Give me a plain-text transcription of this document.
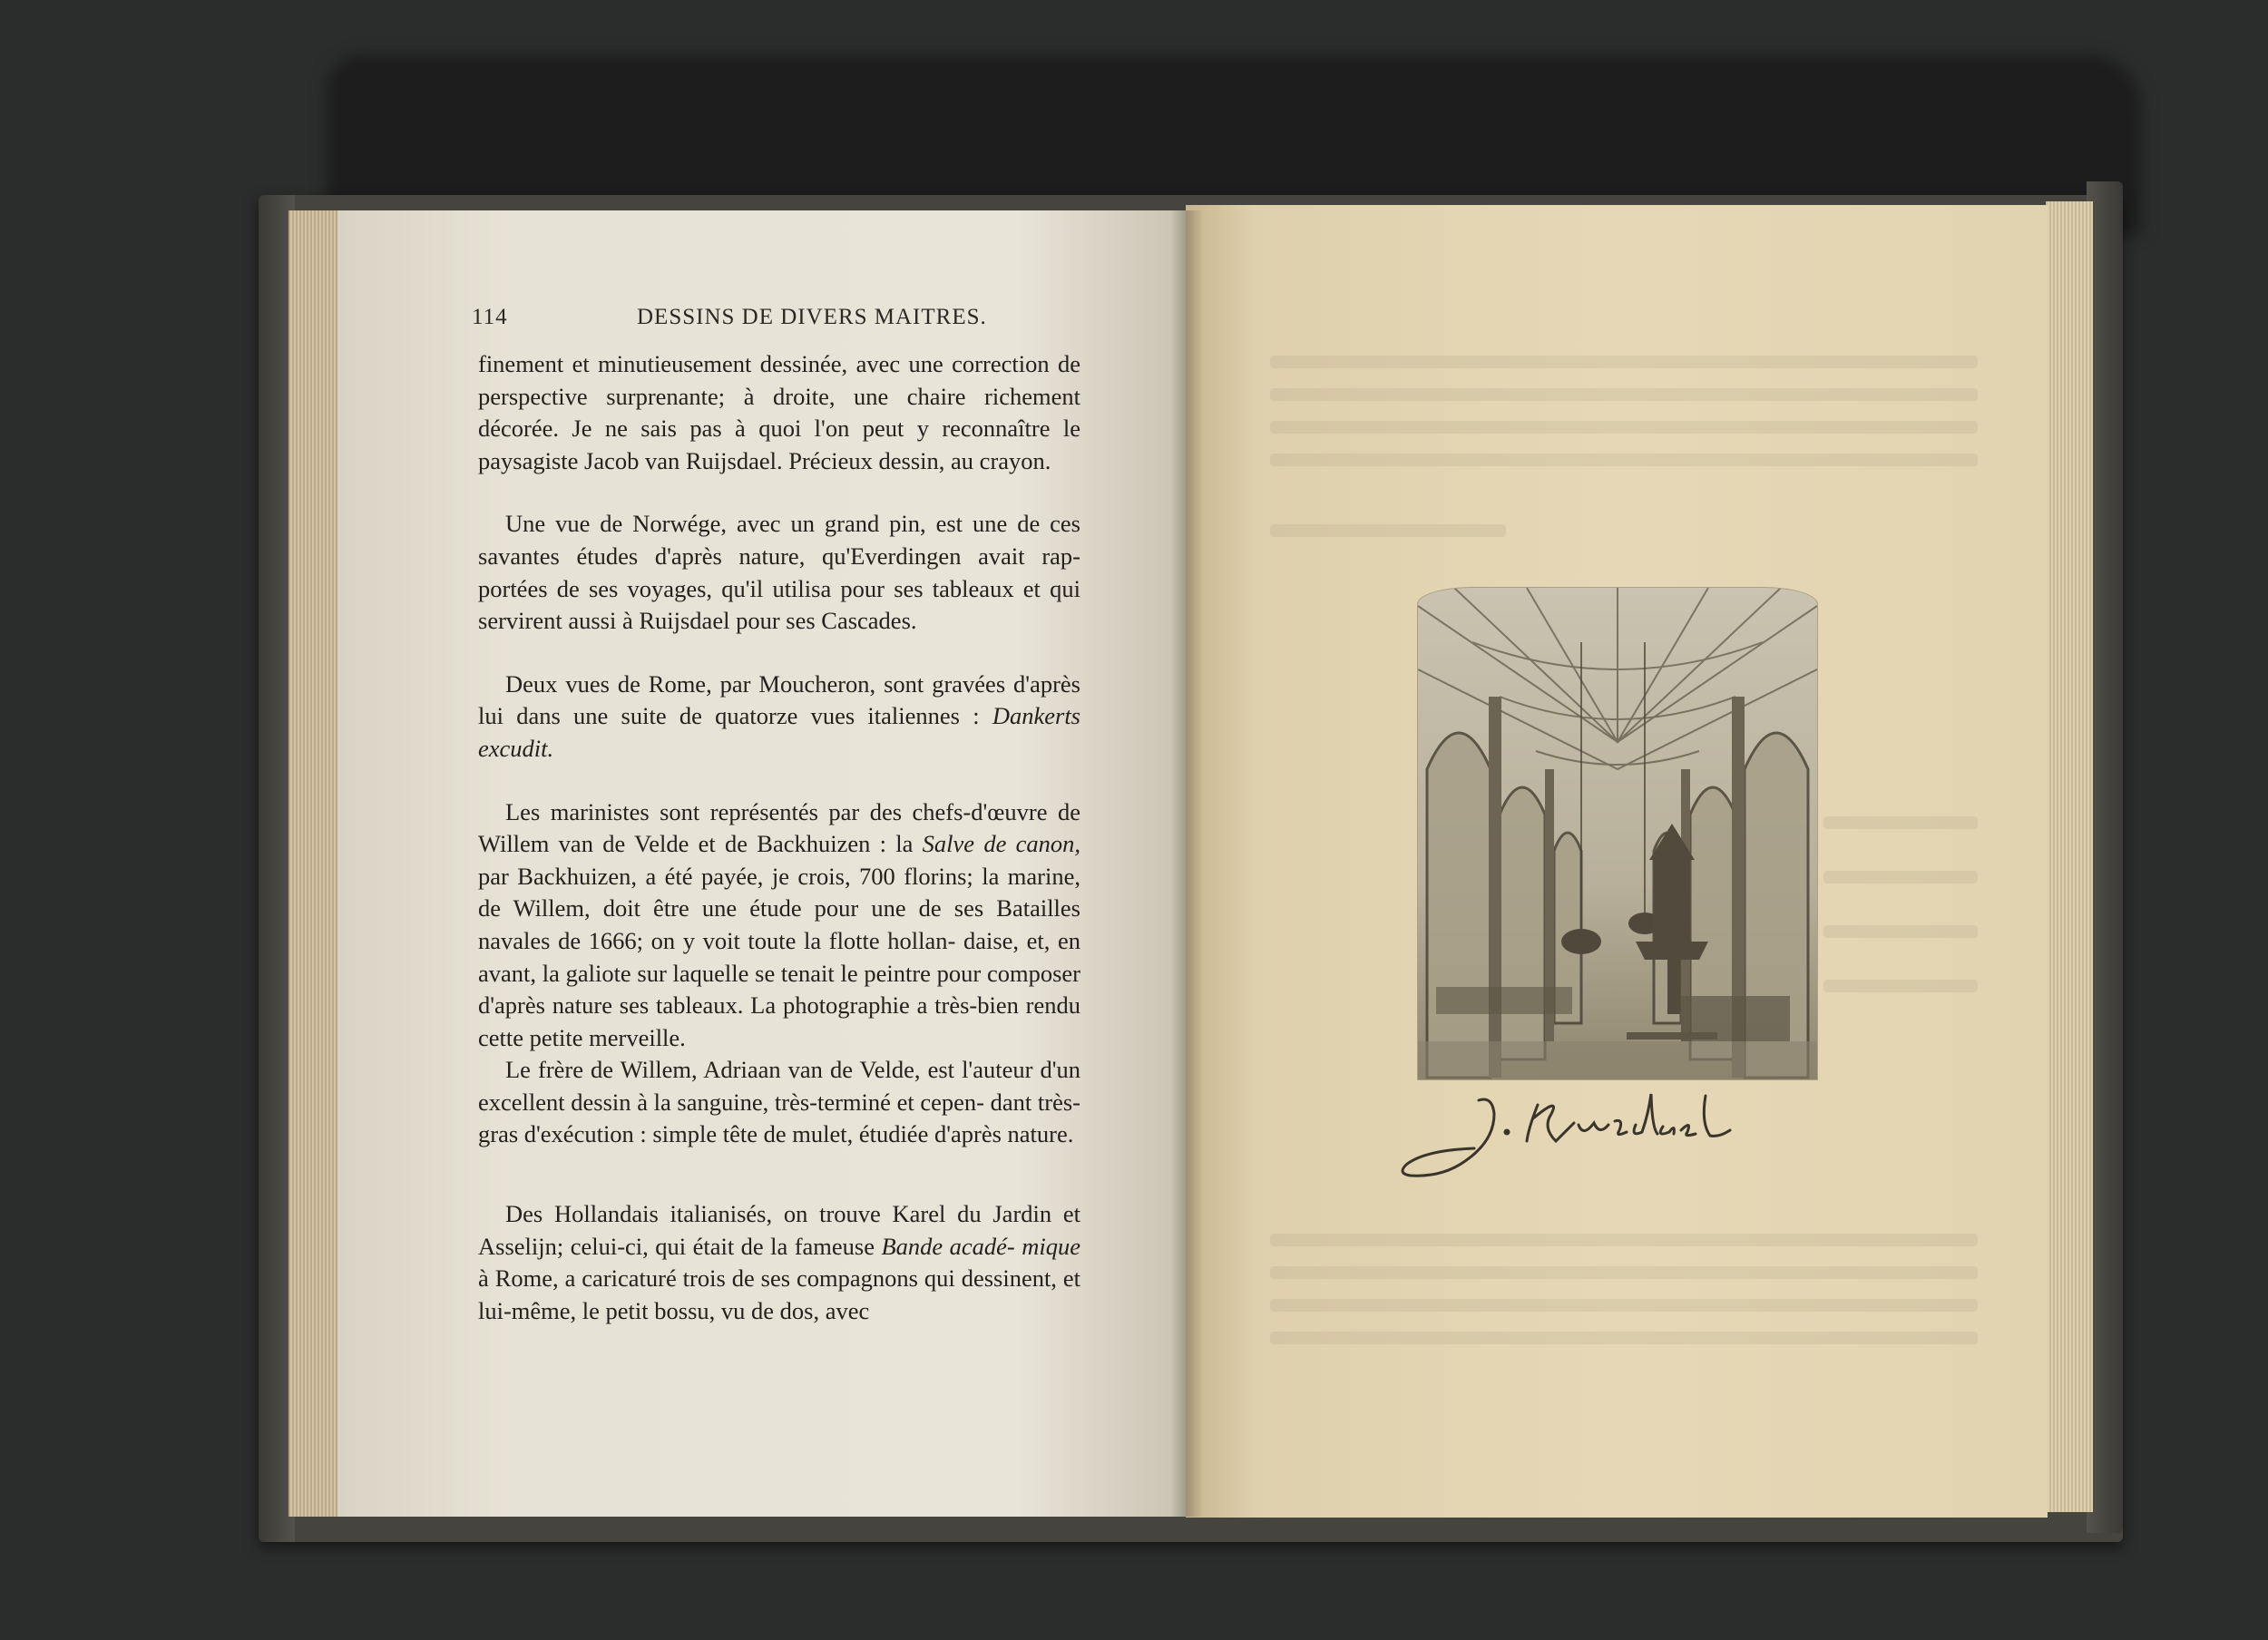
114	DESSINS DE DIVERS MAITRES.

finement et minutieusement dessinée, avec une correction de perspective surprenante; à droite, une chaire richement décorée. Je ne sais pas à quoi l'on peut y reconnaître le paysagiste Jacob van Ruijsdael. Précieux dessin, au crayon.

Une vue de Norwége, avec un grand pin, est une de ces savantes études d'après nature, qu'Everdingen avait rap- portées de ses voyages, qu'il utilisa pour ses tableaux et qui servirent aussi à Ruijsdael pour ses Cascades.

Deux vues de Rome, par Moucheron, sont gravées d'après lui dans une suite de quatorze vues italiennes : Dankerts excudit.

Les marinistes sont représentés par des chefs-d'œuvre de Willem van de Velde et de Backhuizen : la Salve de canon, par Backhuizen, a été payée, je crois, 700 florins; la marine, de Willem, doit être une étude pour une de ses Batailles navales de 1666; on y voit toute la flotte hollan- daise, et, en avant, la galiote sur laquelle se tenait le peintre pour composer d'après nature ses tableaux. La photographie a très-bien rendu cette petite merveille.

Le frère de Willem, Adriaan van de Velde, est l'auteur d'un excellent dessin à la sanguine, très-terminé et cepen- dant très-gras d'exécution : simple tête de mulet, étudiée d'après nature.

Des Hollandais italianisés, on trouve Karel du Jardin et Asselijn; celui-ci, qui était de la fameuse Bande acadé- mique à Rome, a caricaturé trois de ses compagnons qui dessinent, et lui-même, le petit bossu, vu de dos, avec
